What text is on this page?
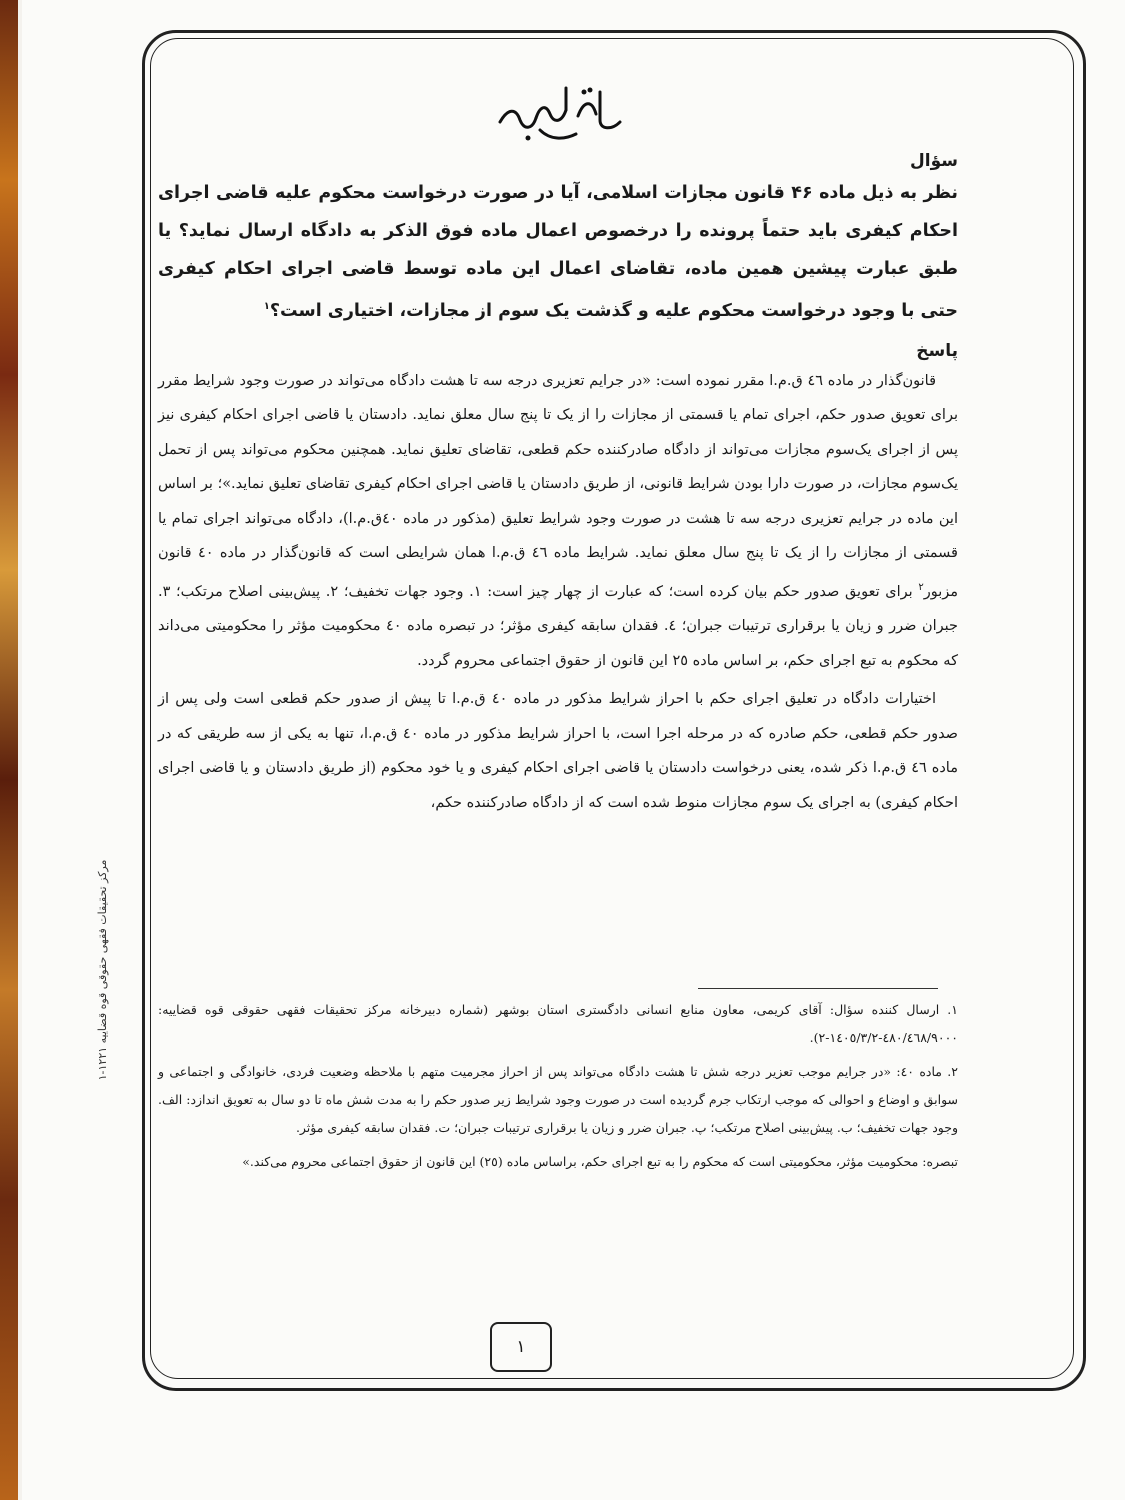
سؤال

نظر به ذیل ماده ۴۶ قانون مجازات اسلامی، آیا در صورت درخواست محکوم علیه قاضی اجرای احکام کیفری باید حتماً پرونده را درخصوص اعمال ماده فوق الذکر به دادگاه ارسال نماید؟ یا طبق عبارت پیشین همین ماده، تقاضای اعمال این ماده توسط قاضی اجرای احکام کیفری حتی با وجود درخواست محکوم علیه و گذشت یک سوم از مجازات، اختیاری است؟$^۱$

پاسخ

قانون‌گذار در ماده ٤٦ ق.م.ا مقرر نموده است: «در جرایم تعزیری درجه سه تا هشت دادگاه می‌تواند در صورت وجود شرایط مقرر برای تعویق صدور حکم، اجرای تمام یا قسمتی از مجازات را از یک تا پنج سال معلق نماید. دادستان یا قاضی اجرای احکام کیفری نیز پس از اجرای یک‌سوم مجازات می‌تواند از دادگاه صادرکننده حکم قطعی، تقاضای تعلیق نماید. همچنین محکوم می‌تواند پس از تحمل یک‌سوم مجازات، در صورت دارا بودن شرایط قانونی، از طریق دادستان یا قاضی اجرای احکام کیفری تقاضای تعلیق نماید.»؛ بر اساس این ماده در جرایم تعزیری درجه سه تا هشت در صورت وجود شرایط تعلیق (مذکور در ماده ٤٠ق.م.ا)، دادگاه می‌تواند اجرای تمام یا قسمتی از مجازات را از یک تا پنج سال معلق نماید. شرایط ماده ٤٦ ق.م.ا همان شرایطی است که قانون‌گذار در ماده ٤٠ قانون مزبور$^۲$ برای تعویق صدور حکم بیان کرده است؛ که عبارت از چهار چیز است: ١. وجود جهات تخفیف؛ ٢. پیش‌بینی اصلاح مرتکب؛ ٣. جبران ضرر و زیان یا برقراری ترتیبات جبران؛ ٤. فقدان سابقه کیفری مؤثر؛ در تبصره ماده ٤٠ محکومیت مؤثر را محکومیتی می‌داند که محکوم به تبع اجرای حکم، بر اساس ماده ٢٥ این قانون از حقوق اجتماعی محروم گردد.

اختیارات دادگاه در تعلیق اجرای حکم با احراز شرایط مذکور در ماده ٤٠ ق.م.ا تا پیش از صدور حکم قطعی است ولی پس از صدور حکم قطعی، حکم صادره که در مرحله اجرا است، با احراز شرایط مذکور در ماده ٤٠ ق.م.ا، تنها به یکی از سه طریقی که در ماده ٤٦ ق.م.ا ذکر شده، یعنی درخواست دادستان یا قاضی اجرای احکام کیفری و یا خود محکوم (از طریق دادستان و یا قاضی اجرای احکام کیفری) به اجرای یک سوم مجازات منوط شده است که از دادگاه صادرکننده حکم،

١. ارسال کننده سؤال: آقای کریمی، معاون منابع انسانی دادگستری استان بوشهر (شماره دبیرخانه مرکز تحقیقات فقهی حقوقی قوه قضاییه: ٤٨٠/٤٦٨/٩٠٠٠-١٤٠٥/٣/٢-٢).

٢. ماده ٤٠: «در جرایم موجب تعزیر درجه شش تا هشت دادگاه می‌تواند پس از احراز مجرمیت متهم با ملاحظه وضعیت فردی، خانوادگی و اجتماعی و سوابق و اوضاع و احوالی که موجب ارتکاب جرم گردیده است در صورت وجود شرایط زیر صدور حکم را به مدت شش ماه تا دو سال به تعویق اندازد: الف. وجود جهات تخفیف؛ ب. پیش‌بینی اصلاح مرتکب؛ پ. جبران ضرر و زیان یا برقراری ترتیبات جبران؛ ت. فقدان سابقه کیفری مؤثر.

تبصره: محکومیت مؤثر، محکومیتی است که محکوم را به تبع اجرای حکم، براساس ماده (٢٥) این قانون از حقوق اجتماعی محروم می‌کند.»

مرکز تحقیقات فقهی حقوقی قوه قضاییه ١٢٢١-١
١
